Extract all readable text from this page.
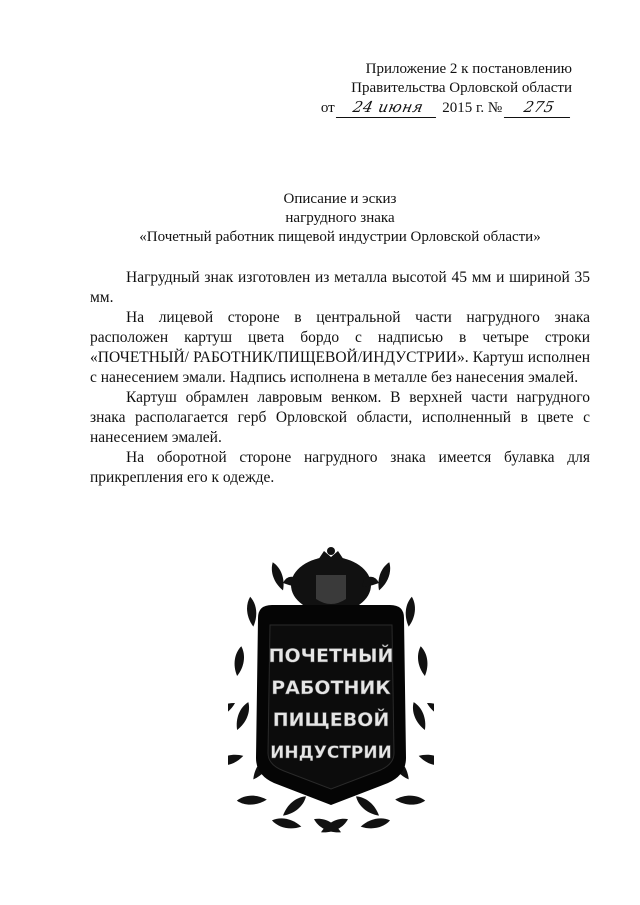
Приложение 2 к постановлению
Правительства Орловской области
от 24 июня 2015 г. № 275
Описание и эскиз
нагрудного знака
«Почетный работник пищевой индустрии Орловской области»

Нагрудный знак изготовлен из металла высотой 45 мм и шириной 35 мм.

На лицевой стороне в центральной части нагрудного знака расположен картуш цвета бордо с надписью в четыре строки «ПОЧЕТНЫЙ/ РАБОТНИК/ПИЩЕВОЙ/ИНДУСТРИИ». Картуш исполнен с нанесением эмали. Надпись исполнена в металле без нанесения эмалей.

Картуш обрамлен лавровым венком. В верхней части нагрудного знака располагается герб Орловской области, исполненный в цвете с нанесением эмалей.

На оборотной стороне нагрудного знака имеется булавка для прикрепления его к одежде.

ПОЧЕТНЫЙ
РАБОТНИК
ПИЩЕВОЙ
ИНДУСТРИИ
